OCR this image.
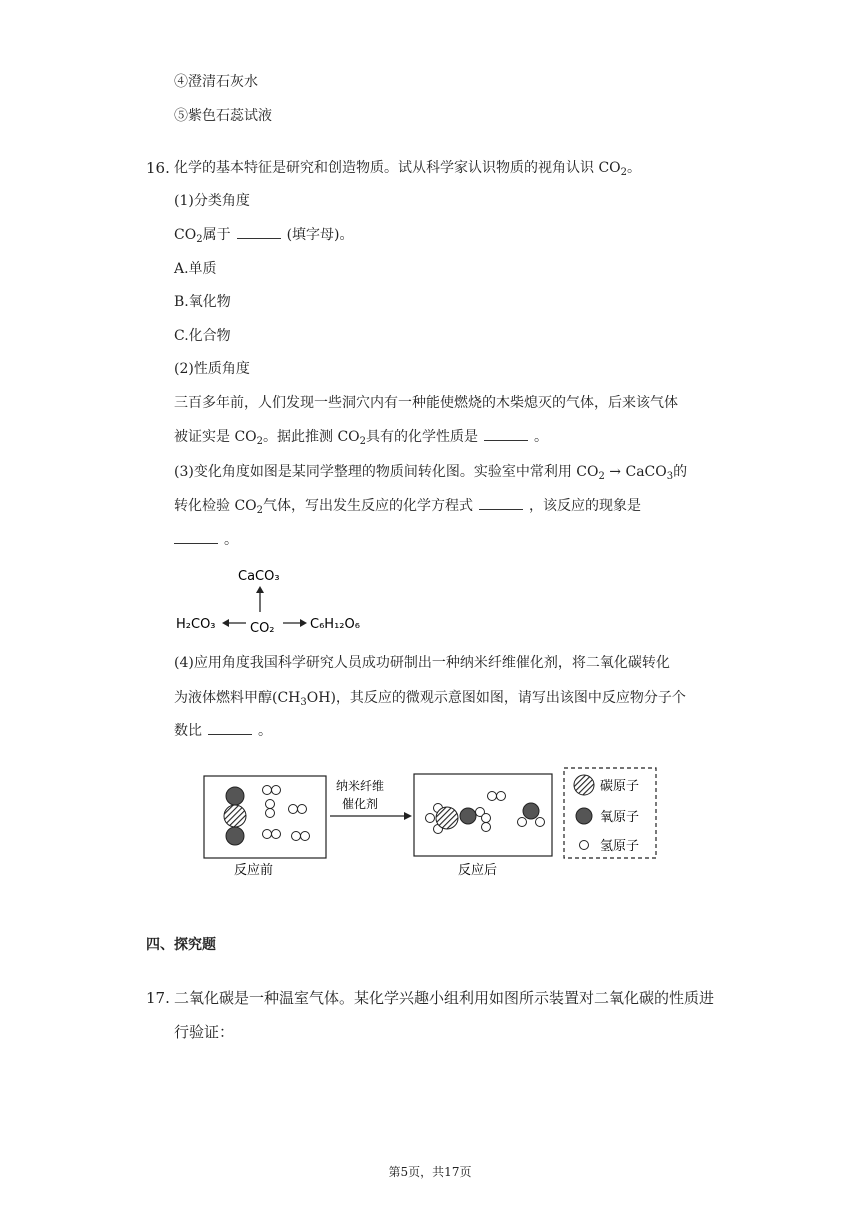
④澄清石灰水
⑤紫色石蕊试液
16. 化学的基本特征是研究和创造物质。试从科学家认识物质的视角认识 $CO_2$。
(1)分类角度
$CO_2$属于	(填字母)。
A.单质
B.氧化物
C.化合物
(2)性质角度
三百多年前，人们发现一些洞穴内有一种能使燃烧的木柴熄灭的气体，后来该气体
被证实是 $CO_2$。据此推测 $CO_2$具有的化学性质是	。
(3)变化角度如图是某同学整理的物质间转化图。实验室中常利用 $CO_2$ → CaCO$_3$的
转化检验 $CO_2$气体，写出发生反应的化学方程式	，该反应的现象是
。
CaCO₃
CO₂
H₂CO₃	C₆H₁₂O₆
(4)应用角度我国科学研究人员成功研制出一种纳米纤维催化剂，将二氧化碳转化
为液体燃料甲醇$(CH_3OH)$，其反应的微观示意图如图，请写出该图中反应物分子个
数比	。
反应前
纳米纤维
催化剂
反应后
碳原子
氧原子
氢原子
四、探究题
17. 二氧化碳是一种温室气体。某化学兴趣小组利用如图所示装置对二氧化碳的性质进
行验证：
第5页，共17页
